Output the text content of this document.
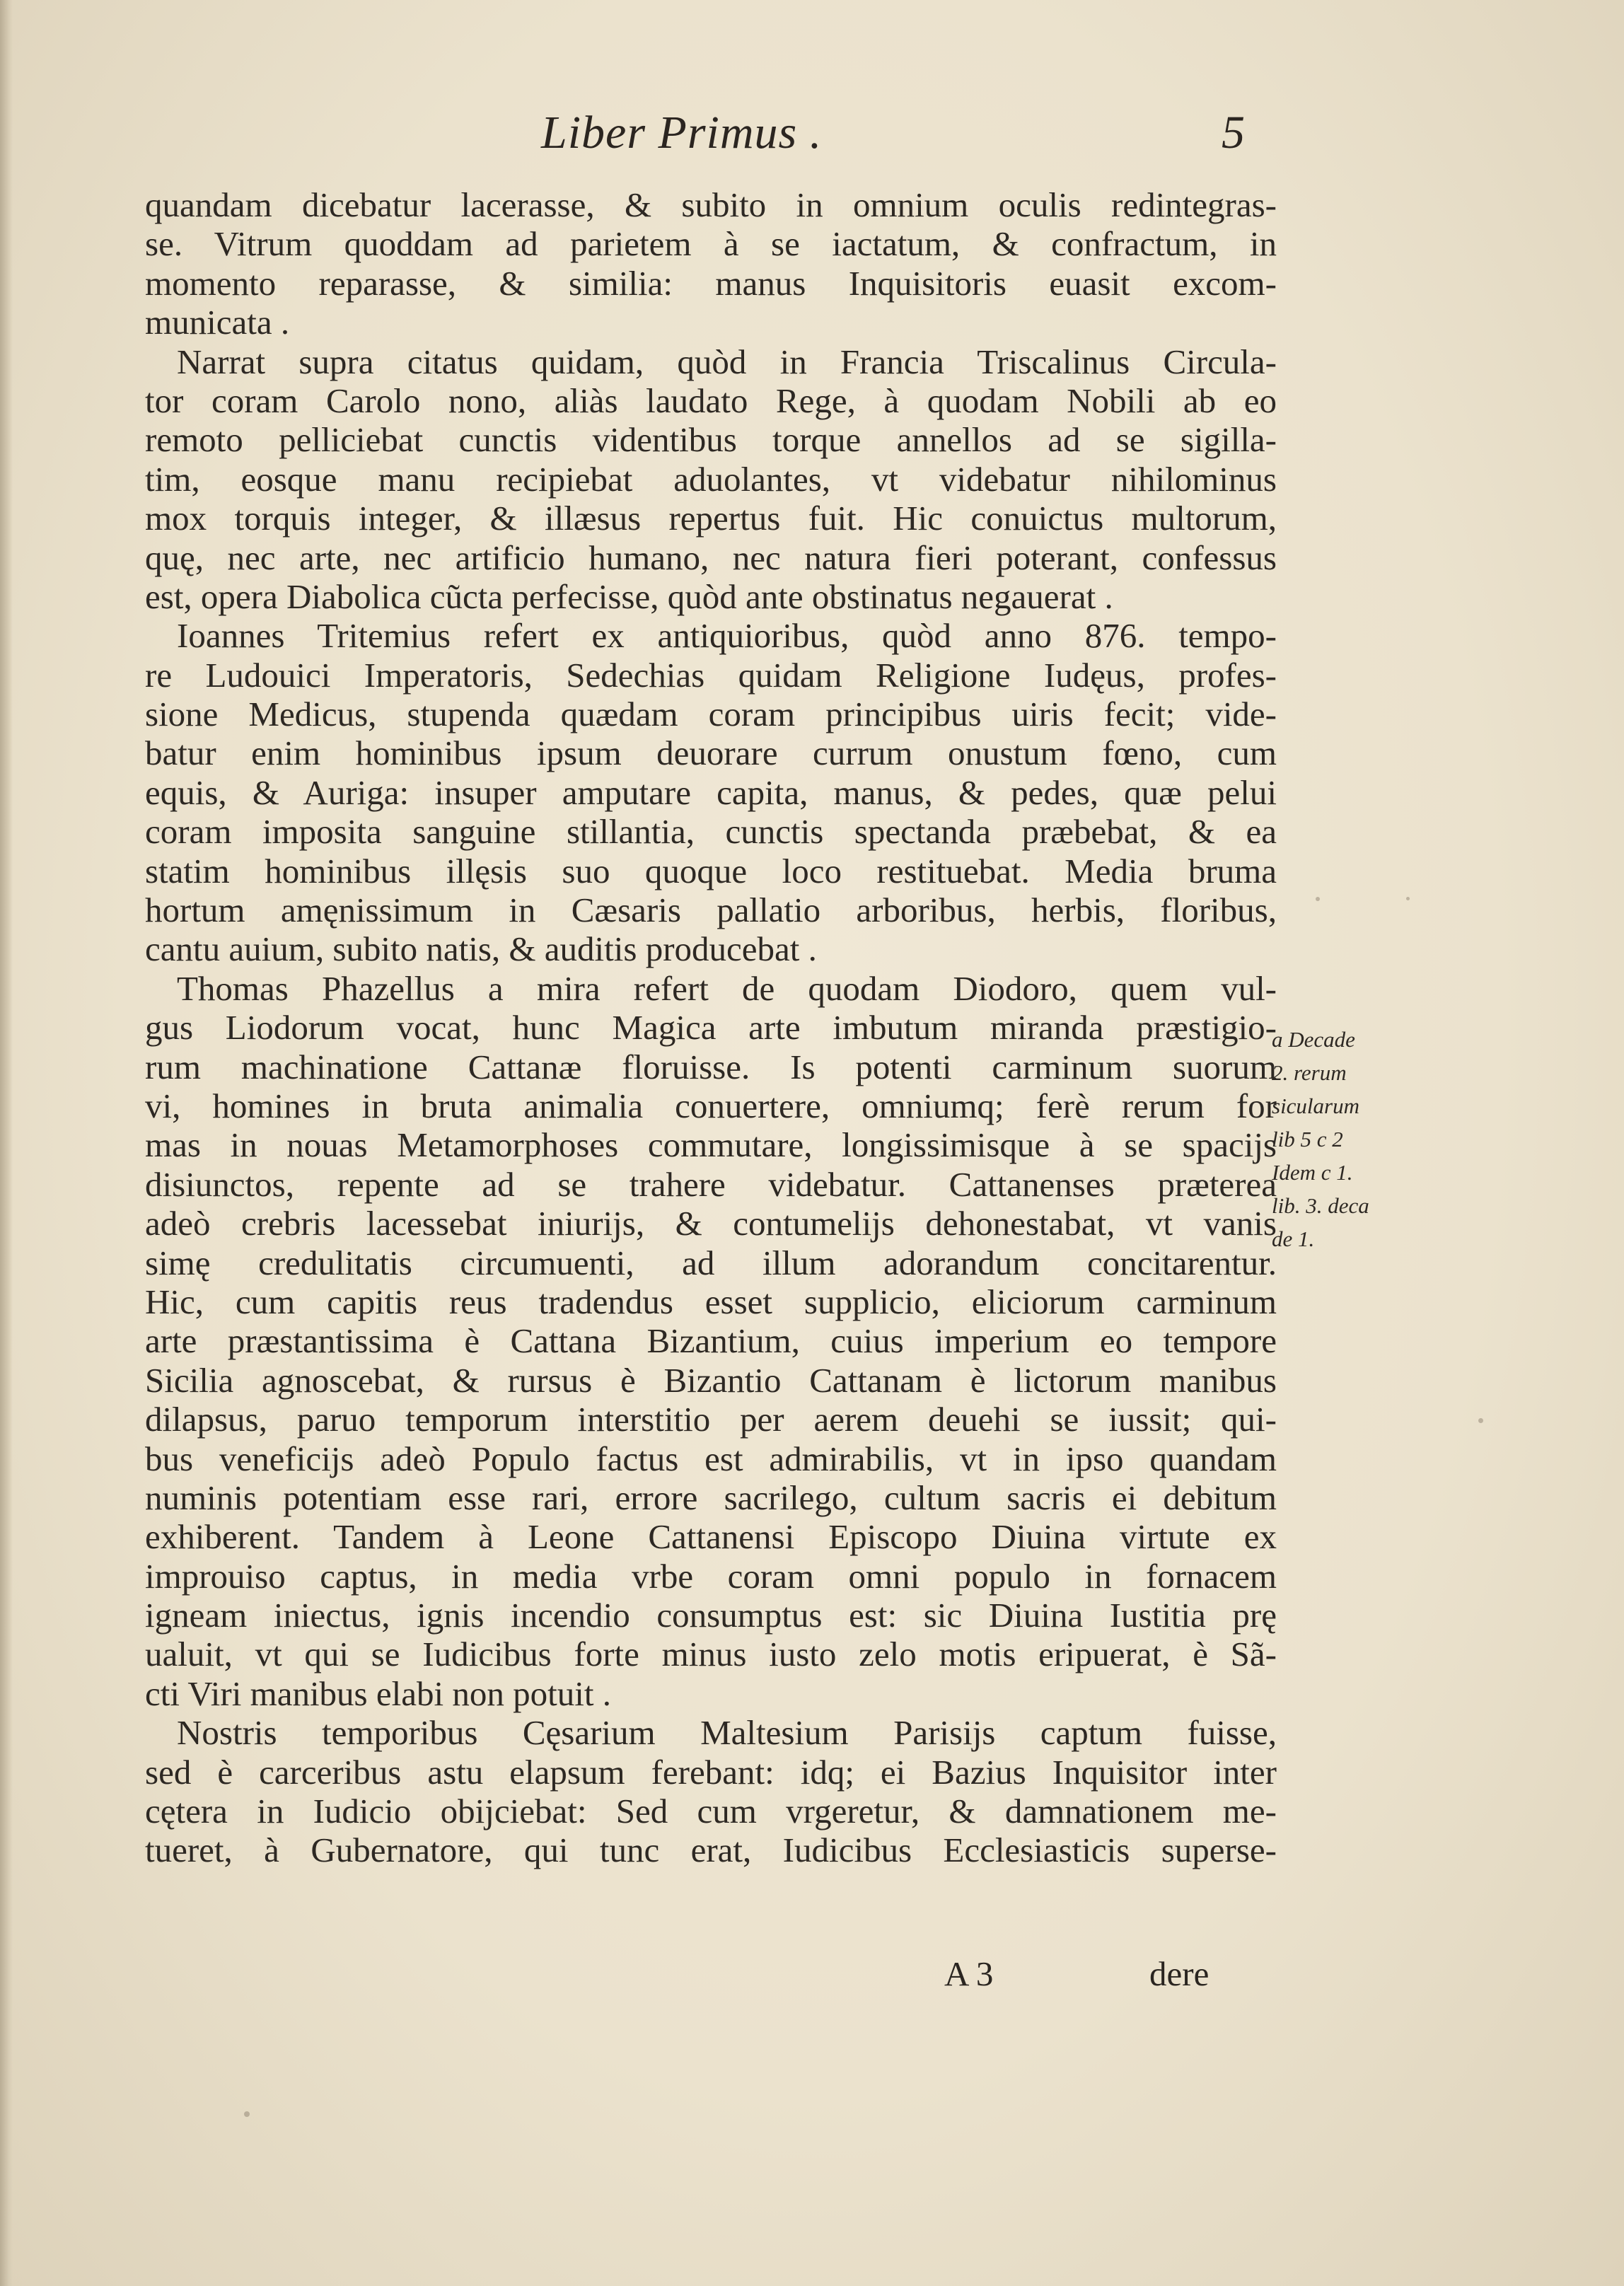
Liber Primus .	5
quandam dicebatur lacerasse, & subito in omnium oculis redintegras-
se. Vitrum quoddam ad parietem à se iactatum, & confractum, in
momento reparasse, & similia: manus Inquisitoris euasit excom-
municata .
Narrat supra citatus quidam, quòd in Francia Triscalinus Circula-
tor coram Carolo nono, aliàs laudato Rege, à quodam Nobili ab eo
remoto pelliciebat cunctis videntibus torque annellos ad se sigilla-
tim, eosque manu recipiebat aduolantes, vt videbatur nihilominus
mox torquis integer, & illæsus repertus fuit. Hic conuictus multorum,
quę, nec arte, nec artificio humano, nec natura fieri poterant, confessus
est, opera Diabolica cũcta perfecisse, quòd ante obstinatus negauerat .
Ioannes Tritemius refert ex antiquioribus, quòd anno 876. tempo-
re Ludouici Imperatoris, Sedechias quidam Religione Iudęus, profes-
sione Medicus, stupenda quædam coram principibus uiris fecit; vide-
batur enim hominibus ipsum deuorare currum onustum fœno, cum
equis, & Auriga: insuper amputare capita, manus, & pedes, quæ pelui
coram imposita sanguine stillantia, cunctis spectanda præbebat, & ea
statim hominibus illęsis suo quoque loco restituebat. Media bruma
hortum amęnissimum in Cæsaris pallatio arboribus, herbis, floribus,
cantu auium, subito natis, & auditis producebat .
Thomas Phazellus a mira refert de quodam Diodoro, quem vul-
gus Liodorum vocat, hunc Magica arte imbutum miranda præstigio-
rum machinatione Cattanæ floruisse. Is potenti carminum suorum
vi, homines in bruta animalia conuertere, omniumq; ferè rerum for
mas in nouas Metamorphoses commutare, longissimisque à se spacijs
disiunctos, repente ad se trahere videbatur. Cattanenses præterea
adeò crebris lacessebat iniurijs, & contumelijs dehonestabat, vt vanis
simę credulitatis circumuenti, ad illum adorandum concitarentur.
Hic, cum capitis reus tradendus esset supplicio, eliciorum carminum
arte præstantissima è Cattana Bizantium, cuius imperium eo tempore
Sicilia agnoscebat, & rursus è Bizantio Cattanam è lictorum manibus
dilapsus, paruo temporum interstitio per aerem deuehi se iussit; qui-
bus veneficijs adeò Populo factus est admirabilis, vt in ipso quandam
numinis potentiam esse rari, errore sacrilego, cultum sacris ei debitum
exhiberent. Tandem à Leone Cattanensi Episcopo Diuina virtute ex
improuiso captus, in media vrbe coram omni populo in fornacem
igneam iniectus, ignis incendio consumptus est: sic Diuina Iustitia prę
ualuit, vt qui se Iudicibus forte minus iusto zelo motis eripuerat, è Sã-
cti Viri manibus elabi non potuit .
Nostris temporibus Cęsarium Maltesium Parisijs captum fuisse,
sed è carceribus astu elapsum ferebant: idq; ei Bazius Inquisitor inter
cętera in Iudicio obijciebat: Sed cum vrgeretur, & damnationem me-
tueret, à Gubernatore, qui tunc erat, Iudicibus Ecclesiasticis superse-
a Decade
2. rerum
sicularum
lib 5 c 2
Idem c 1.
lib. 3. deca
de 1.
A 3	dere
